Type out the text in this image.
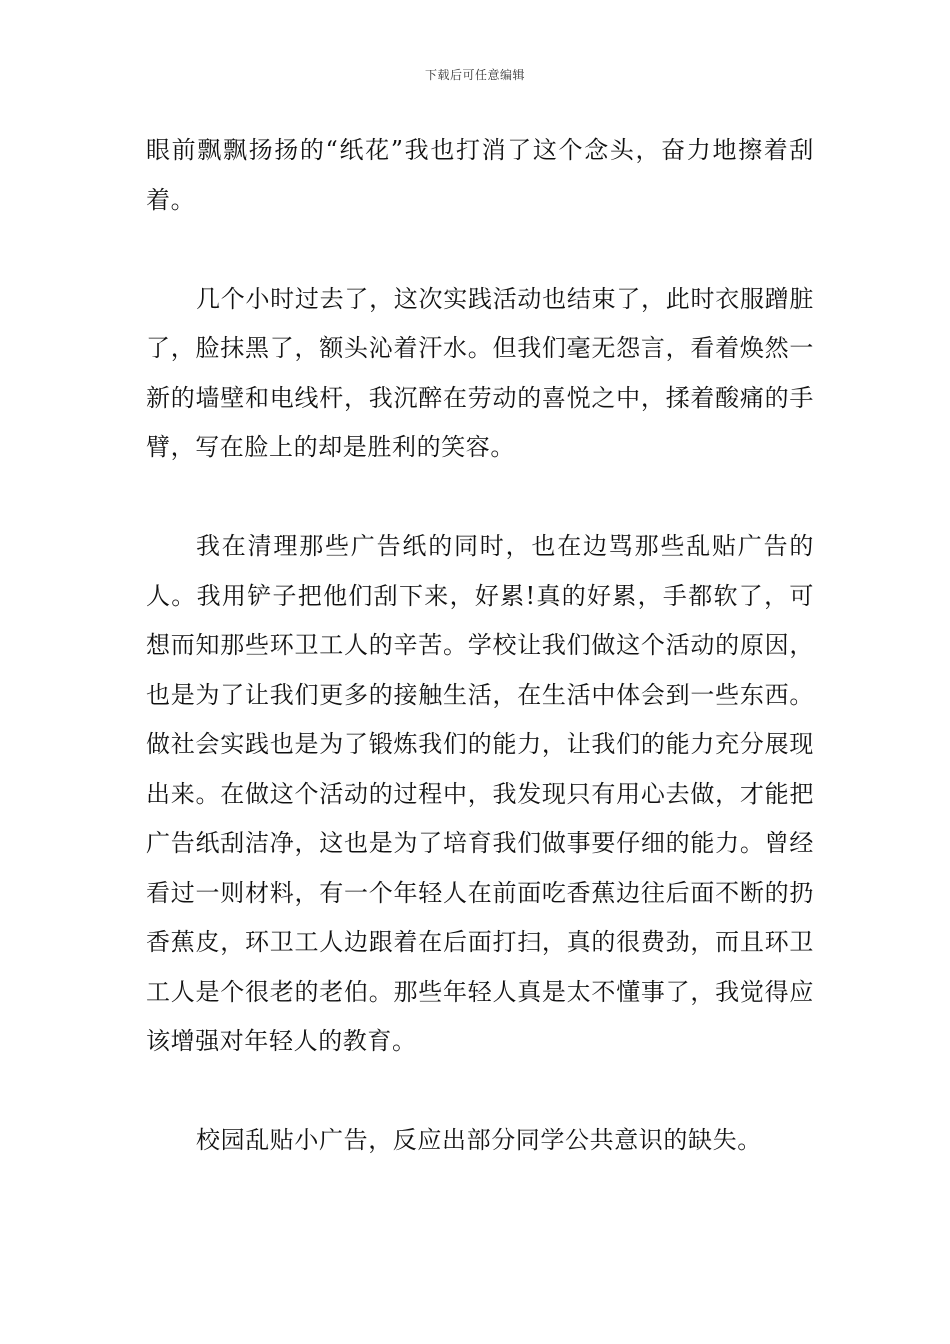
下载后可任意编辑

眼前飘飘扬扬的“纸花”我也打消了这个念头，奋力地擦着刮着。

几个小时过去了，这次实践活动也结束了，此时衣服蹭脏了，脸抹黑了，额头沁着汗水。但我们毫无怨言，看着焕然一新的墙壁和电线杆，我沉醉在劳动的喜悦之中，揉着酸痛的手臂，写在脸上的却是胜利的笑容。

我在清理那些广告纸的同时，也在边骂那些乱贴广告的人。我用铲子把他们刮下来，好累!真的好累，手都软了，可想而知那些环卫工人的辛苦。学校让我们做这个活动的原因，也是为了让我们更多的接触生活，在生活中体会到一些东西。做社会实践也是为了锻炼我们的能力，让我们的能力充分展现出来。在做这个活动的过程中，我发现只有用心去做，才能把广告纸刮洁净，这也是为了培育我们做事要仔细的能力。曾经看过一则材料，有一个年轻人在前面吃香蕉边往后面不断的扔香蕉皮，环卫工人边跟着在后面打扫，真的很费劲，而且环卫工人是个很老的老伯。那些年轻人真是太不懂事了，我觉得应该增强对年轻人的教育。

校园乱贴小广告，反应出部分同学公共意识的缺失。
